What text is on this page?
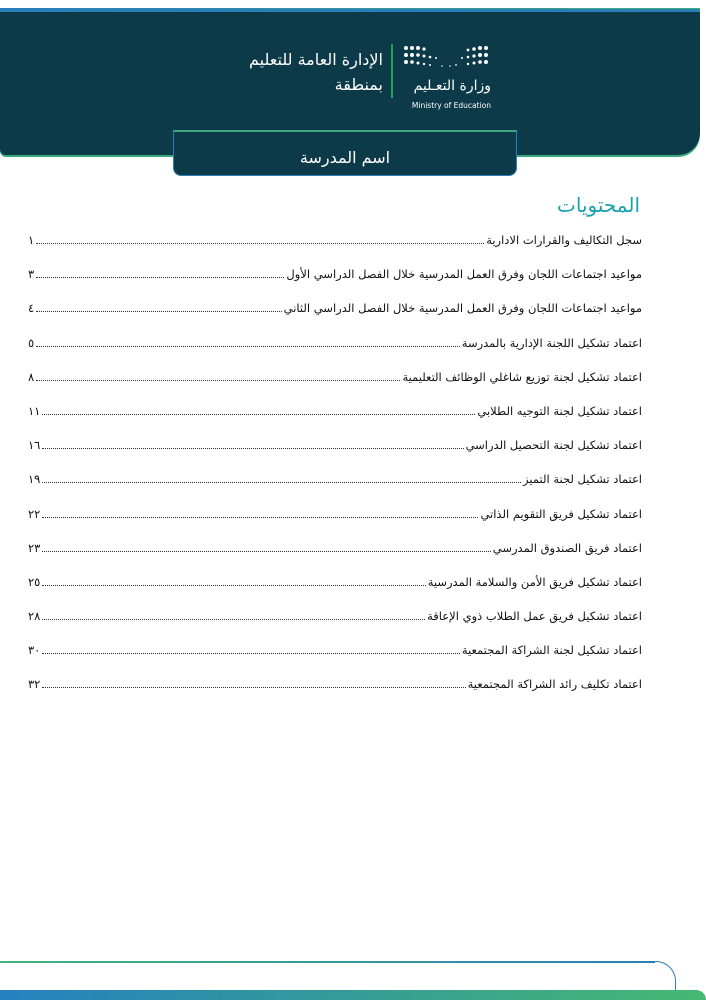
وزارة التعـليم
Ministry of Education
الإدارة العامة للتعليم
بمنطقة
اسم المدرسة
المحتويات
سجل التكاليف والقرارات الادارية
١
مواعيد اجتماعات اللجان وفرق العمل المدرسية خلال الفصل الدراسي الأول
٣
مواعيد اجتماعات اللجان وفرق العمل المدرسية خلال الفصل الدراسي الثاني
٤
اعتماد تشكيل اللجنة الإدارية بالمدرسة
٥
اعتماد تشكيل لجنة توزيع شاغلي الوظائف التعليمية
٨
اعتماد تشكيل لجنة التوجيه الطلابي
١١
اعتماد تشكيل لجنة التحصيل الدراسي
١٦
اعتماد تشكيل لجنة التميز
١٩
اعتماد تشكيل فريق التقويم الذاتي
٢٢
اعتماد فريق الصندوق المدرسي
٢٣
اعتماد تشكيل فريق الأمن والسلامة المدرسية
٢٥
اعتماد تشكيل فريق عمل الطلاب ذوي الإعاقة
٢٨
اعتماد تشكيل لجنة الشراكة المجتمعية
٣٠
اعتماد تكليف رائد الشراكة المجتمعية
٣٢
